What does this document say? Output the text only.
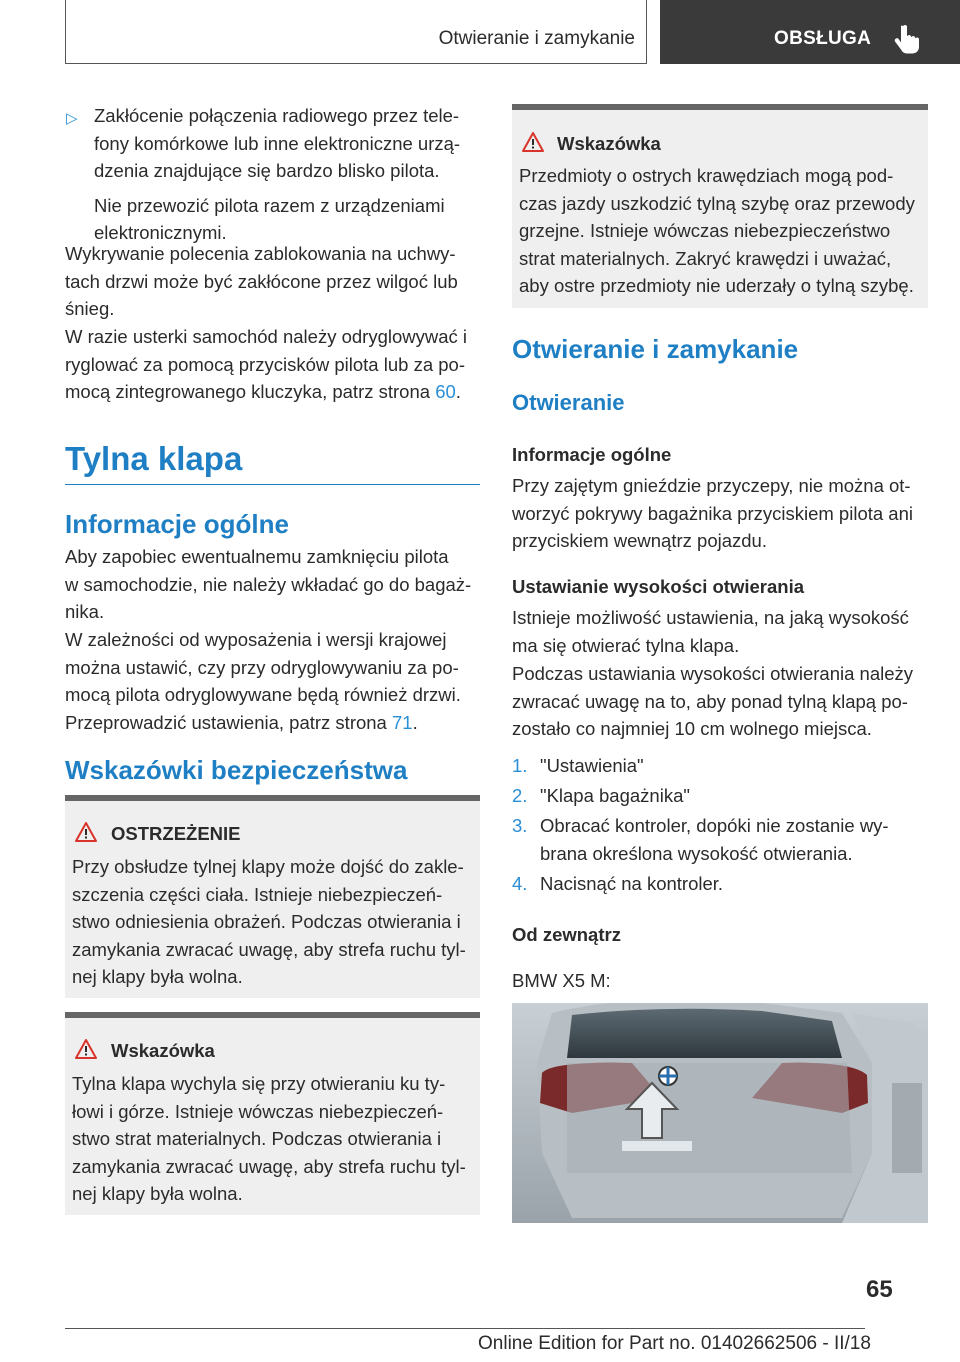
Otwieranie i zamykanie	OBSŁUGA
▷ Zakłócenie połączenia radiowego przez tele-
fony komórkowe lub inne elektroniczne urzą-
dzenia znajdujące się bardzo blisko pilota.
Nie przewozić pilota razem z urządzeniami
elektronicznymi.
Wykrywanie polecenia zablokowania na uchwy-
tach drzwi może być zakłócone przez wilgoć lub
śnieg.
W razie usterki samochód należy odryglowywać i
ryglować za pomocą przycisków pilota lub za po-
mocą zintegrowanego kluczyka, patrz strona 60.
Tylna klapa
Informacje ogólne
Aby zapobiec ewentualnemu zamknięciu pilota
w samochodzie, nie należy wkładać go do bagaż-
nika.
W zależności od wyposażenia i wersji krajowej
można ustawić, czy przy odryglowywaniu za po-
mocą pilota odryglowywane będą również drzwi.
Przeprowadzić ustawienia, patrz strona 71.
Wskazówki bezpieczeństwa
OSTRZEŻENIE
Przy obsłudze tylnej klapy może dojść do zakle-
szczenia części ciała. Istnieje niebezpieczeń-
stwo odniesienia obrażeń. Podczas otwierania i
zamykania zwracać uwagę, aby strefa ruchu tyl-
nej klapy była wolna.
Wskazówka
Tylna klapa wychyla się przy otwieraniu ku ty-
łowi i górze. Istnieje wówczas niebezpieczeń-
stwo strat materialnych. Podczas otwierania i
zamykania zwracać uwagę, aby strefa ruchu tyl-
nej klapy była wolna.
Wskazówka
Przedmioty o ostrych krawędziach mogą pod-
czas jazdy uszkodzić tylną szybę oraz przewody
grzejne. Istnieje wówczas niebezpieczeństwo
strat materialnych. Zakryć krawędzi i uważać,
aby ostre przedmioty nie uderzały o tylną szybę.
Otwieranie i zamykanie
Otwieranie
Informacje ogólne
Przy zajętym gnieździe przyczepy, nie można ot-
worzyć pokrywy bagażnika przyciskiem pilota ani
przyciskiem wewnątrz pojazdu.
Ustawianie wysokości otwierania
Istnieje możliwość ustawienia, na jaką wysokość
ma się otwierać tylna klapa.
Podczas ustawiania wysokości otwierania należy
zwracać uwagę na to, aby ponad tylną klapą po-
zostało co najmniej 10 cm wolnego miejsca.
1. "Ustawienia"
2. "Klapa bagażnika"
3. Obracać kontroler, dopóki nie zostanie wy-
brana określona wysokość otwierania.
4. Nacisnąć na kontroler.
Od zewnątrz
BMW X5 M:
65
Online Edition for Part no. 01402662506 - II/18
